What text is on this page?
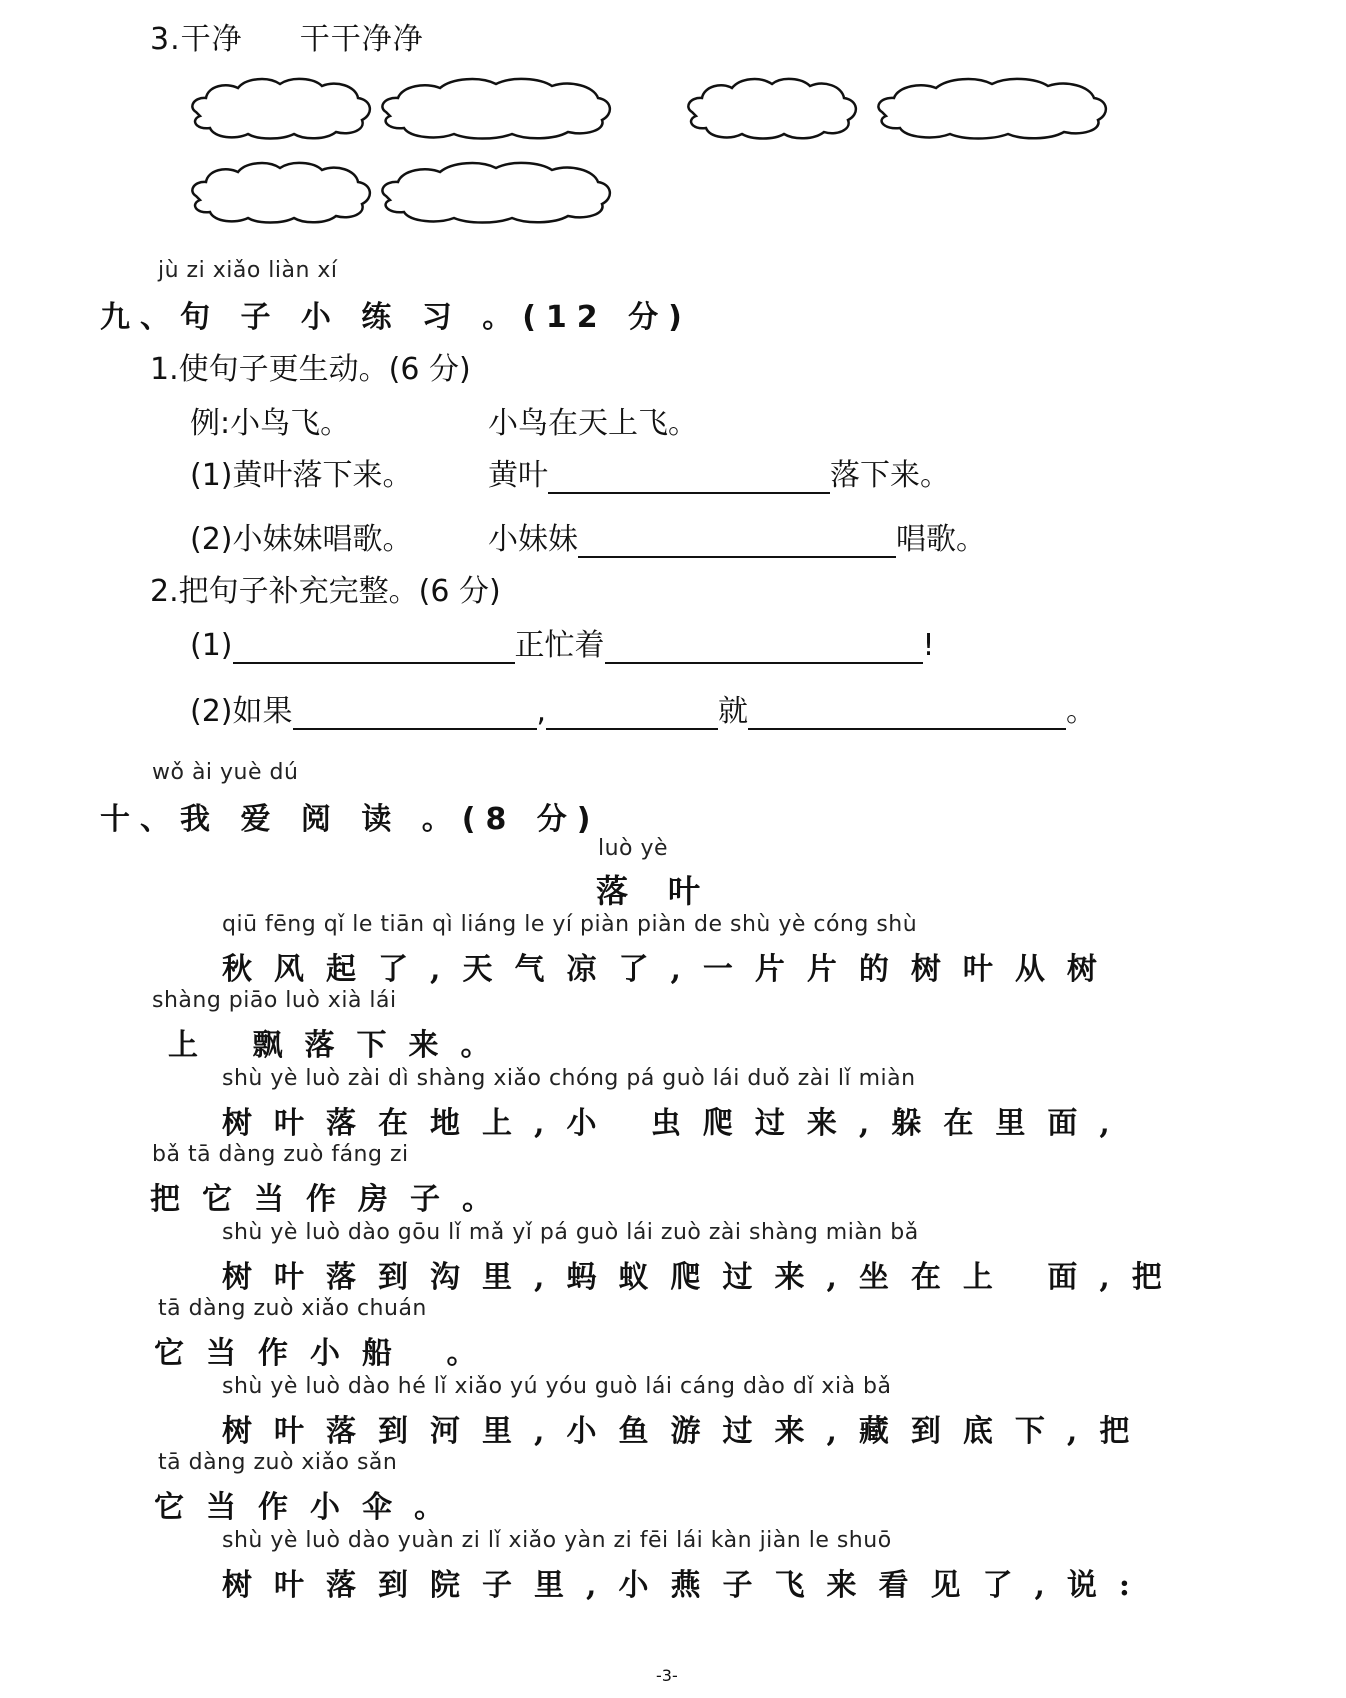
3.干净 干干净净
jù zi xiǎo liàn xí
九、句 子 小 练 习 。(12 分)
1.使句子更生动。(6 分)
例:小鸟飞。	小鸟在天上飞。
(1)黄叶落下来。	黄叶	落下来。
(2)小妹妹唱歌。	小妹妹	唱歌。
2.把句子补充完整。(6 分)
(1)	正忙着	!
(2)如果	,	就	。
wǒ ài yuè dú
十、我 爱 阅 读 。(8 分)
luò yè
落叶
qiū fēng qǐ le tiān qì liáng le yí piàn piàn de shù yè cóng shù
秋风起了,天气凉了,一片片的树叶从树
shàng piāo luò xià lái
上 飘落下来。
shù yè luò zài dì shàng xiǎo chóng pá guò lái duǒ zài lǐ miàn
树叶落在地上,小 虫爬过来,躲在里面,
bǎ tā dàng zuò fáng zi
把它当作房子。
shù yè luò dào gōu lǐ mǎ yǐ pá guò lái zuò zài shàng miàn bǎ
树叶落到沟里,蚂蚁爬过来,坐在上 面,把
tā dàng zuò xiǎo chuán
它当作小船 。
shù yè luò dào hé lǐ xiǎo yú yóu guò lái cáng dào dǐ xià bǎ
树叶落到河里,小鱼游过来,藏到底下,把
tā dàng zuò xiǎo sǎn
它当作小伞。
shù yè luò dào yuàn zi lǐ xiǎo yàn zi fēi lái kàn jiàn le shuō
树叶落到院子里,小燕子飞来看见了,说:
-3-
